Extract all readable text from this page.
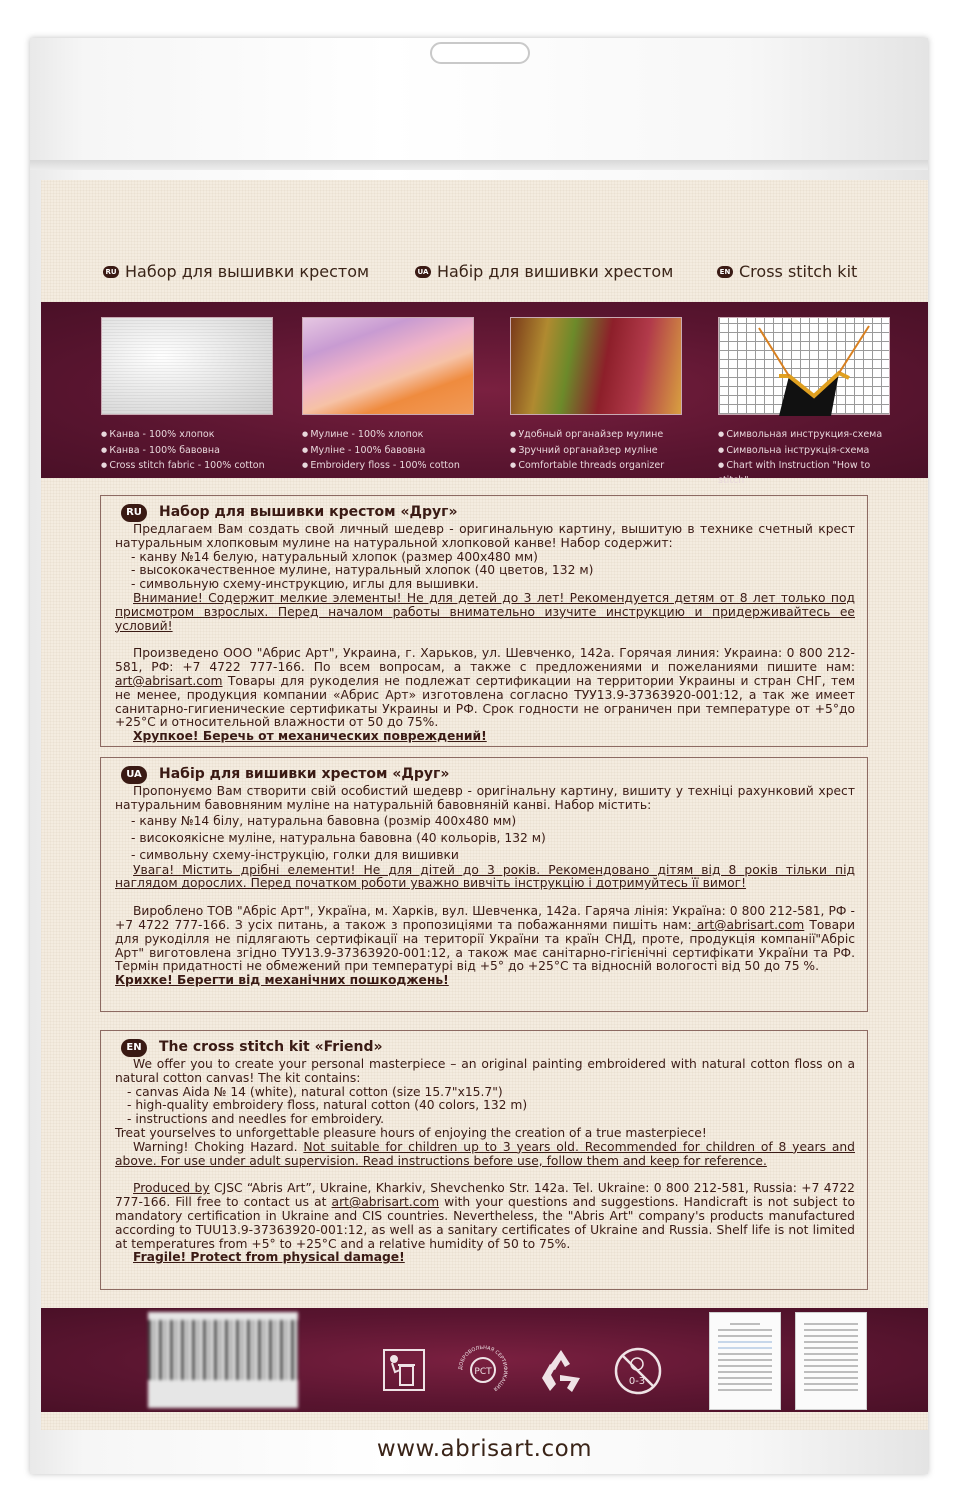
RU Набор для вышивки крестом	UA Набір для вишивки хрестом	EN Cross stitch kit
● Канва - 100% хлопок
● Канва - 100% бавовна
● Cross stitch fabric - 100% cotton
● Мулине - 100% хлопок
● Муліне - 100% бавовна
● Embroidery floss - 100% cotton
● Удобный органайзер мулине
● Зручний органайзер муліне
● Comfortable threads organizer
● Символьная инструкция-схема
● Символьна інструкція-схема
● Chart with Instruction "How to stitch"
RU	Набор для вышивки крестом «Друг»
Предлагаем Вам создать свой личный шедевр - оригинальную картину, вышитую в технике счетный крест натуральным хлопковым мулине на натуральной хлопковой канве! Набор содержит:
- канву №14 белую, натуральный хлопок (размер 400х480 мм)
- высококачественное мулине, натуральный хлопок (40 цветов, 132 м)
- символьную схему-инструкцию, иглы для вышивки.
Внимание! Содержит мелкие элементы! Не для детей до 3 лет! Рекомендуется детям от 8 лет только под присмотром взрослых. Перед началом работы внимательно изучите инструкцию и придерживайтесь ее условий!
Произведено ООО "Абрис Арт", Украина, г. Харьков, ул. Шевченко, 142а. Горячая линия: Украина: 0 800 212-581, РФ: +7 4722 777-166. По всем вопросам, а также с предложениями и пожеланиями пишите нам: art@abrisart.com Товары для рукоделия не подлежат сертификации на территории Украины и стран СНГ, тем не менее, продукция компании «Абрис Арт» изготовлена согласно ТУУ13.9-37363920-001:12, а так же имеет санитарно-гигиенические сертификаты Украины и РФ. Срок годности не ограничен при температуре от +5°до +25°С и относительной влажности от 50 до 75%.
Хрупкое! Беречь от механических повреждений!
UA	Набір для вишивки хрестом «Друг»
Пропонуємо Вам створити свій особистий шедевр - оригінальну картину, вишиту у техніці рахунковий хрест натуральним бавовняним муліне на натуральній бавовняній канві. Набор містить:
- канву №14 білу, натуральна бавовна (розмір 400х480 мм)
- високоякісне муліне, натуральна бавовна (40 кольорів, 132 м)
- символьну схему-інструкцію, голки для вишивки
Увага! Містить дрібні елементи! Не для дітей до 3 років. Рекомендовано дітям від 8 років тільки під наглядом дорослих. Перед початком роботи уважно вивчіть інструкцію і дотримуйтесь її вимог!
Вироблено ТОВ "Абріс Арт", Україна, м. Харків, вул. Шевченка, 142а. Гаряча лінія: Україна: 0 800 212-581, РФ - +7 4722 777-166. З усіх питань, а також з пропозиціями та побажаннями пишіть нам: art@abrisart.com Товари для рукоділля не підлягають сертифікації на території України та країн СНД, проте, продукція компанії"Абріс Арт" виготовлена згідно ТУУ13.9-37363920-001:12, а також має санітарно-гігієнічні сертифікати України та РФ. Термін придатності не обмежений при температурі від +5° до +25°С та відносній вологості від 50 до 75 %.
Крихке! Берегти від механічних пошкоджень!
EN	The cross stitch kit «Friend»
We offer you to create your personal masterpiece – an original painting embroidered with natural cotton floss on a natural cotton canvas! The kit contains:
- canvas Aida № 14 (white), natural cotton (size 15.7"x15.7")
- high-quality embroidery floss, natural cotton (40 colors, 132 m)
- instructions and needles for embroidery.
Treat yourselves to unforgettable pleasure hours of enjoying the creation of a true masterpiece!
Warning! Choking Hazard. Not suitable for children up to 3 years old. Recommended for children of 8 years and above. For use under adult supervision. Read instructions before use, follow them and keep for reference.
Produced by CJSC “Abris Art”, Ukraine, Kharkiv, Shevchenko Str. 142a. Tel. Ukraine: 0 800 212-581, Russia: +7 4722 777-166. Fill free to contact us at art@abrisart.com with your questions and suggestions. Handicraft is not subject to mandatory certification in Ukraine and CIS countries. Nevertheless, the "Abris Art" company's products manufactured according to TUU13.9-37363920-001:12, as well as a sanitary certificates of Ukraine and Russia. Shelf life is not limited at temperatures from +5° to +25°C and a relative humidity of 50 to 75%.
Fragile! Protect from physical damage!
РСТ
ДОБРОВОЛЬНАЯ СЕРТИФИКАЦИЯ
0-3
www.abrisart.com
